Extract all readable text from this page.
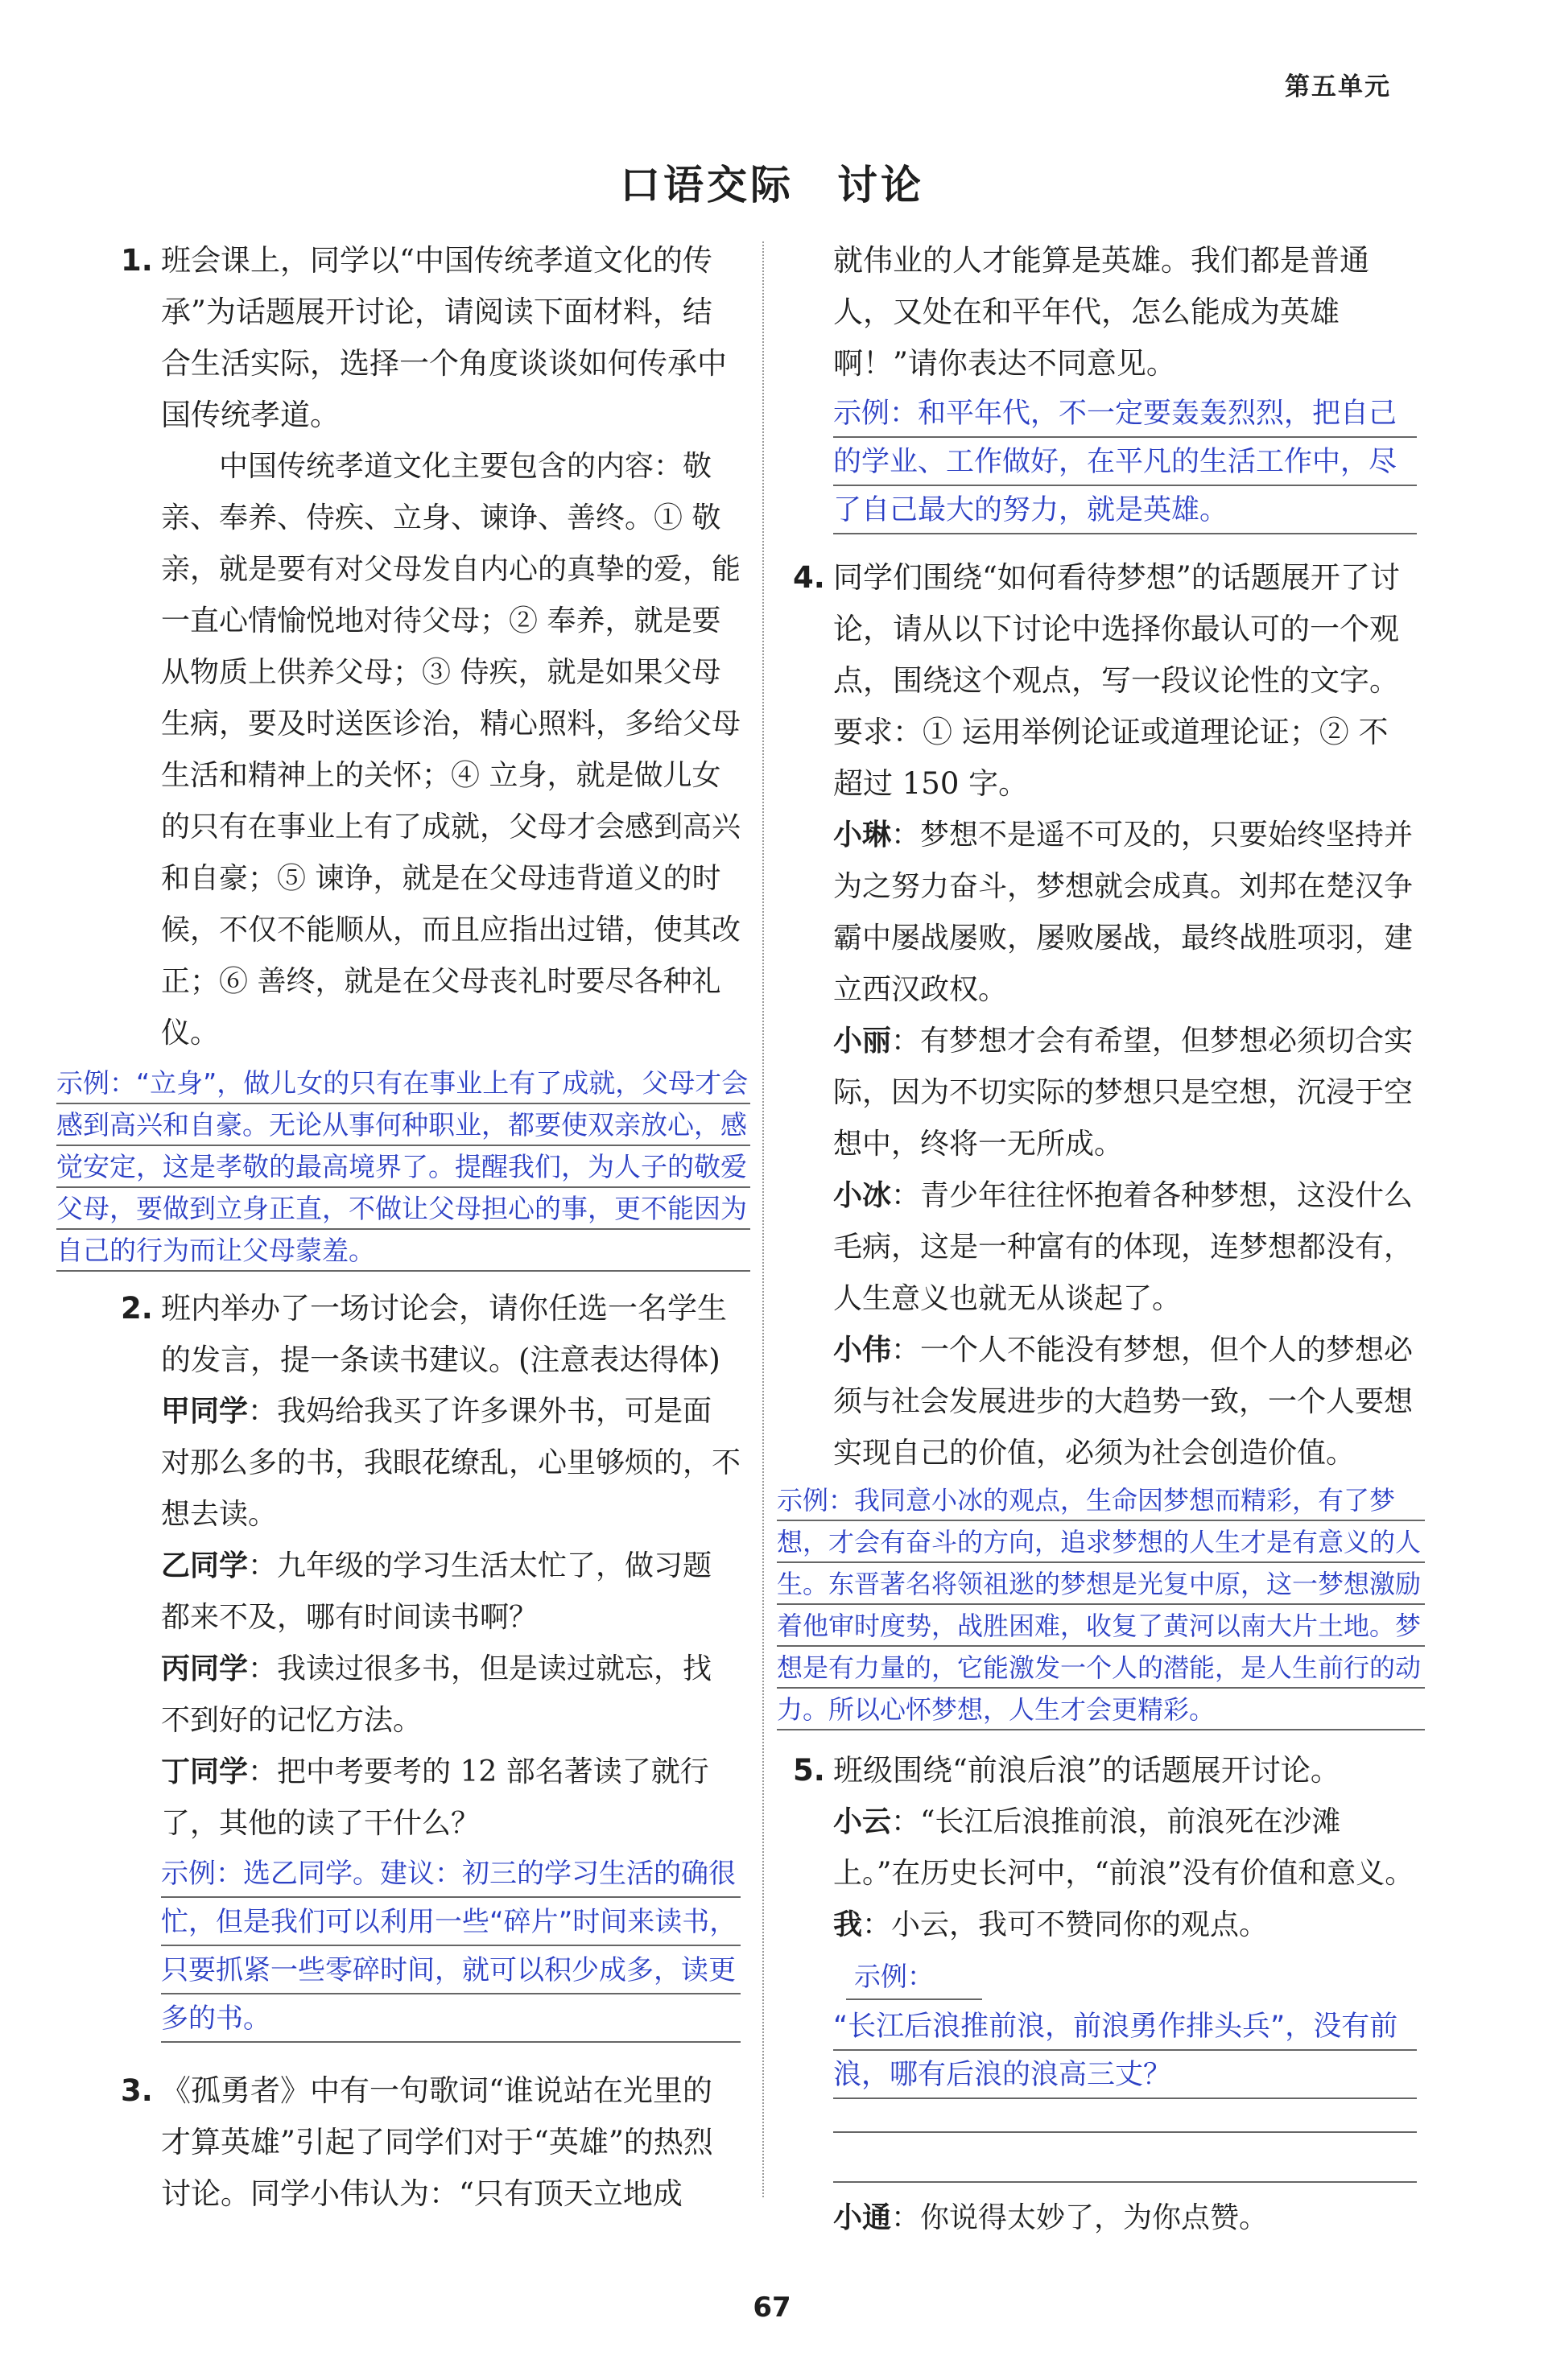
第五单元
口语交际　讨论

1. 班会课上，同学以“中国传统孝道文化的传承”为话题展开讨论，请阅读下面材料，结合生活实际，选择一个角度谈谈如何传承中国传统孝道。

中国传统孝道文化主要包含的内容：敬亲、奉养、侍疾、立身、谏诤、善终。① 敬亲，就是要有对父母发自内心的真挚的爱，能一直心情愉悦地对待父母；② 奉养，就是要从物质上供养父母；③ 侍疾，就是如果父母生病，要及时送医诊治，精心照料，多给父母生活和精神上的关怀；④ 立身，就是做儿女的只有在事业上有了成就，父母才会感到高兴和自豪；⑤ 谏诤，就是在父母违背道义的时候，不仅不能顺从，而且应指出过错，使其改正；⑥ 善终，就是在父母丧礼时要尽各种礼仪。

示例：“立身”，做儿女的只有在事业上有了成就，父母才会感到高兴和自豪。无论从事何种职业，都要使双亲放心，感觉安定，这是孝敬的最高境界了。提醒我们，为人子的敬爱父母，要做到立身正直，不做让父母担心的事，更不能因为自己的行为而让父母蒙羞。

2. 班内举办了一场讨论会，请你任选一名学生的发言，提一条读书建议。(注意表达得体)

甲同学：我妈给我买了许多课外书，可是面对那么多的书，我眼花缭乱，心里够烦的，不想去读。

乙同学：九年级的学习生活太忙了，做习题都来不及，哪有时间读书啊？

丙同学：我读过很多书，但是读过就忘，找不到好的记忆方法。

丁同学：把中考要考的 12 部名著读了就行了，其他的读了干什么？

示例：选乙同学。建议：初三的学习生活的确很忙，但是我们可以利用一些“碎片”时间来读书，只要抓紧一些零碎时间，就可以积少成多，读更多的书。

3. 《孤勇者》中有一句歌词“谁说站在光里的才算英雄”引起了同学们对于“英雄”的热烈讨论。同学小伟认为：“只有顶天立地成

就伟业的人才能算是英雄。我们都是普通人，又处在和平年代，怎么能成为英雄啊！”请你表达不同意见。

示例：和平年代，不一定要轰轰烈烈，把自己的学业、工作做好，在平凡的生活工作中，尽了自己最大的努力，就是英雄。

4. 同学们围绕“如何看待梦想”的话题展开了讨论，请从以下讨论中选择你最认可的一个观点，围绕这个观点，写一段议论性的文字。要求：① 运用举例论证或道理论证；② 不超过 150 字。

小琳：梦想不是遥不可及的，只要始终坚持并为之努力奋斗，梦想就会成真。刘邦在楚汉争霸中屡战屡败，屡败屡战，最终战胜项羽，建立西汉政权。

小丽：有梦想才会有希望，但梦想必须切合实际，因为不切实际的梦想只是空想，沉浸于空想中，终将一无所成。

小冰：青少年往往怀抱着各种梦想，这没什么毛病，这是一种富有的体现，连梦想都没有，人生意义也就无从谈起了。

小伟：一个人不能没有梦想，但个人的梦想必须与社会发展进步的大趋势一致，一个人要想实现自己的价值，必须为社会创造价值。

示例：我同意小冰的观点，生命因梦想而精彩，有了梦想，才会有奋斗的方向，追求梦想的人生才是有意义的人生。东晋著名将领祖逖的梦想是光复中原，这一梦想激励着他审时度势，战胜困难，收复了黄河以南大片土地。梦想是有力量的，它能激发一个人的潜能，是人生前行的动力。所以心怀梦想，人生才会更精彩。

5. 班级围绕“前浪后浪”的话题展开讨论。

小云：“长江后浪推前浪，前浪死在沙滩上。”在历史长河中，“前浪”没有价值和意义。

我：小云，我可不赞同你的观点。示例：

“长江后浪推前浪，前浪勇作排头兵”，没有前浪，哪有后浪的浪高三丈？

小通：你说得太妙了，为你点赞。

67
